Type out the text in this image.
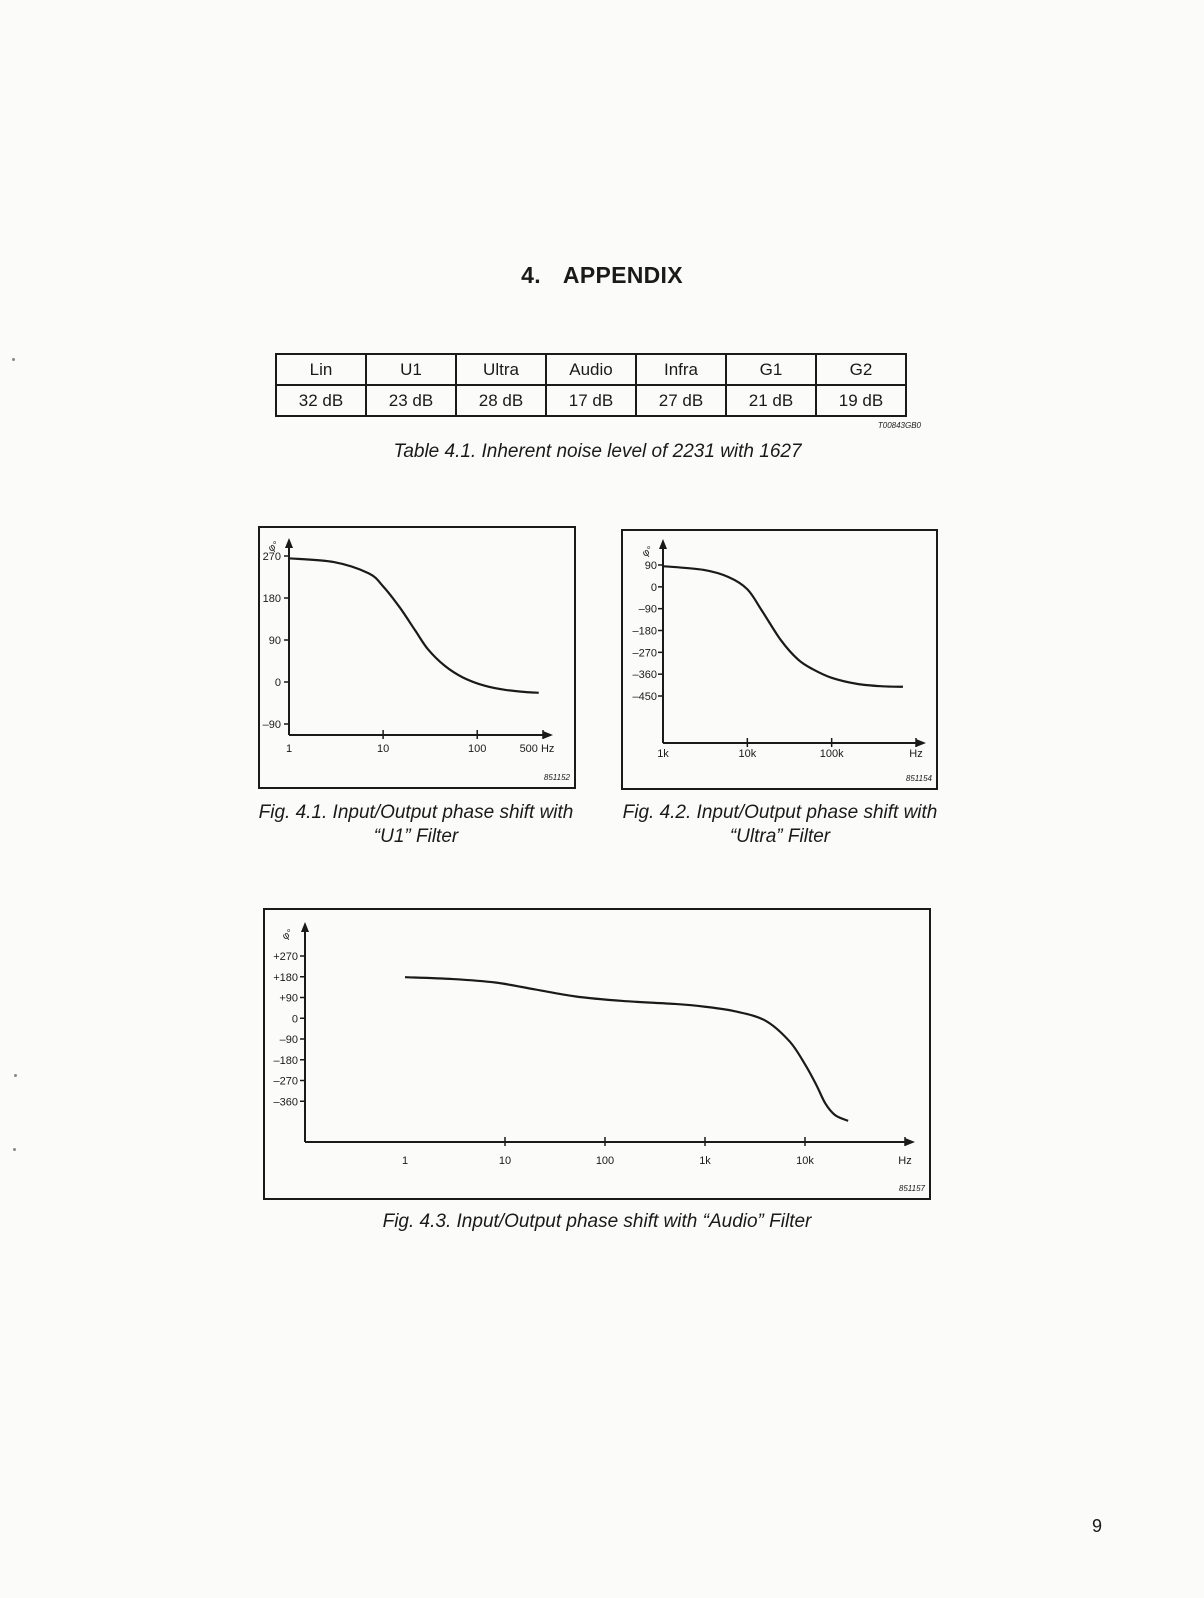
4. APPENDIX
Lin	U1	Ultra	Audio	Infra	G1	G2
32 dB	23 dB	28 dB	17 dB	27 dB	21 dB	19 dB
T00843GB0
Table 4.1. Inherent noise level of 2231 with 1627
φ°
270
180
90
0
–90
1	10	100	500 Hz
851152
Fig. 4.1. Input/Output phase shift with “U1” Filter
φ°
90
0
–90
–180
–270
–360
–450
1k	10k	100k	Hz
851154
Fig. 4.2. Input/Output phase shift with “Ultra” Filter
φ°
+270
+180
+90
0
–90
–180
–270
–360
1	10	100	1k	10k	Hz
851157
Fig. 4.3. Input/Output phase shift with “Audio” Filter
9
